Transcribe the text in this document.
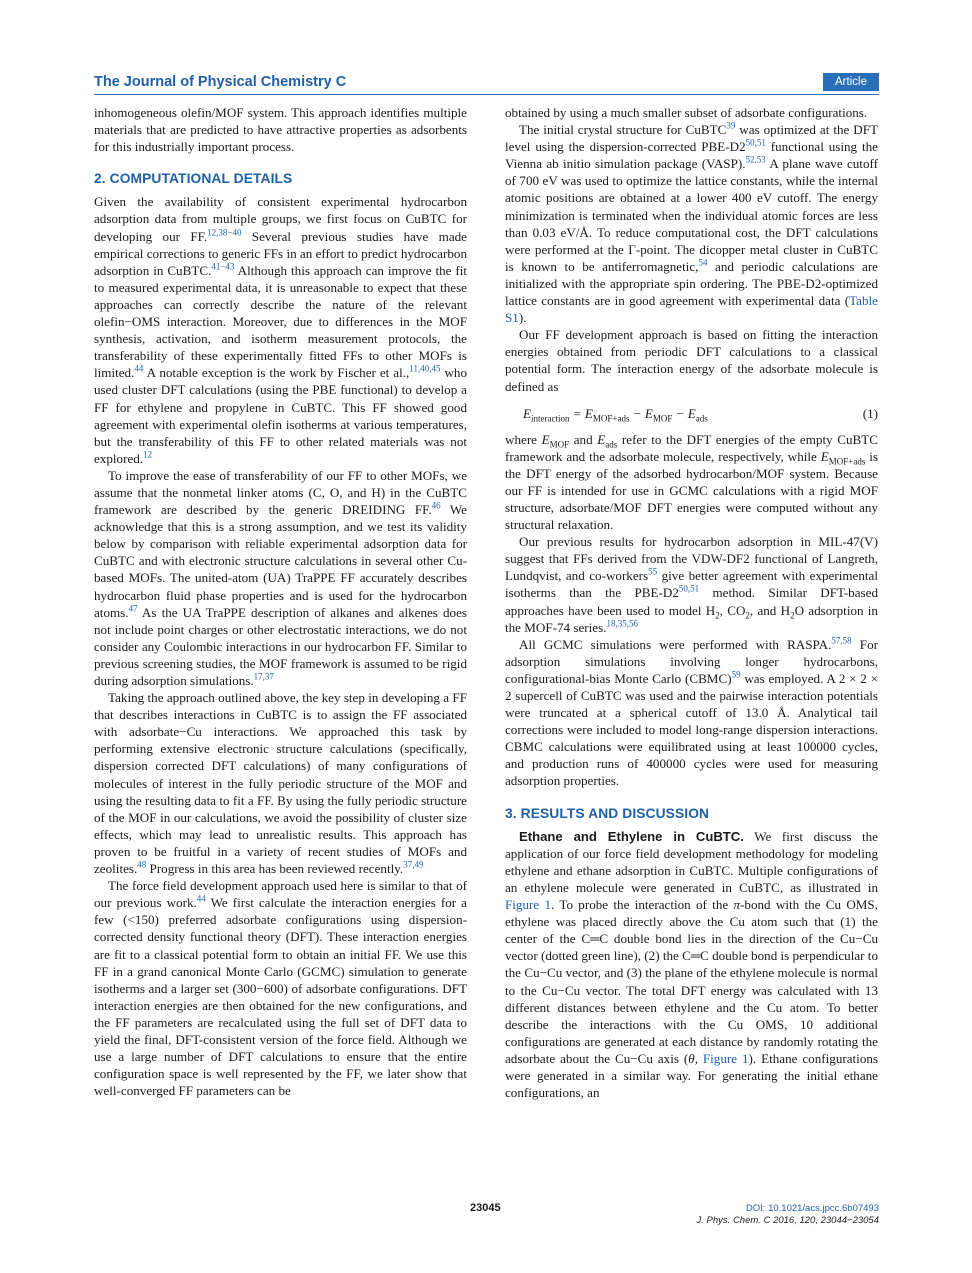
The Journal of Physical Chemistry C	Article

inhomogeneous olefin/MOF system. This approach identifies multiple materials that are predicted to have attractive properties as adsorbents for this industrially important process.

2. COMPUTATIONAL DETAILS

Given the availability of consistent experimental hydrocarbon adsorption data from multiple groups, we first focus on CuBTC for developing our FF.$^{12,38-40}$ Several previous studies have made empirical corrections to generic FFs in an effort to predict hydrocarbon adsorption in CuBTC.$^{41-43}$ Although this approach can improve the fit to measured experimental data, it is unreasonable to expect that these approaches can correctly describe the nature of the relevant olefin−OMS interaction. Moreover, due to differences in the MOF synthesis, activation, and isotherm measurement protocols, the transferability of these experimentally fitted FFs to other MOFs is limited.$^{44}$ A notable exception is the work by Fischer et al.,$^{11,40,45}$ who used cluster DFT calculations (using the PBE functional) to develop a FF for ethylene and propylene in CuBTC. This FF showed good agreement with experimental olefin isotherms at various temperatures, but the transferability of this FF to other related materials was not explored.$^{12}$

To improve the ease of transferability of our FF to other MOFs, we assume that the nonmetal linker atoms (C, O, and H) in the CuBTC framework are described by the generic DREIDING FF.$^{46}$ We acknowledge that this is a strong assumption, and we test its validity below by comparison with reliable experimental adsorption data for CuBTC and with electronic structure calculations in several other Cu-based MOFs. The united-atom (UA) TraPPE FF accurately describes hydrocarbon fluid phase properties and is used for the hydrocarbon atoms.$^{47}$ As the UA TraPPE description of alkanes and alkenes does not include point charges or other electrostatic interactions, we do not consider any Coulombic interactions in our hydrocarbon FF. Similar to previous screening studies, the MOF framework is assumed to be rigid during adsorption simulations.$^{17,37}$

Taking the approach outlined above, the key step in developing a FF that describes interactions in CuBTC is to assign the FF associated with adsorbate−Cu interactions. We approached this task by performing extensive electronic structure calculations (specifically, dispersion corrected DFT calculations) of many configurations of molecules of interest in the fully periodic structure of the MOF and using the resulting data to fit a FF. By using the fully periodic structure of the MOF in our calculations, we avoid the possibility of cluster size effects, which may lead to unrealistic results. This approach has proven to be fruitful in a variety of recent studies of MOFs and zeolites.$^{48}$ Progress in this area has been reviewed recently.$^{37,49}$

The force field development approach used here is similar to that of our previous work.$^{44}$ We first calculate the interaction energies for a few (<150) preferred adsorbate configurations using dispersion-corrected density functional theory (DFT). These interaction energies are fit to a classical potential form to obtain an initial FF. We use this FF in a grand canonical Monte Carlo (GCMC) simulation to generate isotherms and a larger set (300−600) of adsorbate configurations. DFT interaction energies are then obtained for the new configurations, and the FF parameters are recalculated using the full set of DFT data to yield the final, DFT-consistent version of the force field. Although we use a large number of DFT calculations to ensure that the entire configuration space is well represented by the FF, we later show that well-converged FF parameters can be

obtained by using a much smaller subset of adsorbate configurations.

The initial crystal structure for CuBTC$^{39}$ was optimized at the DFT level using the dispersion-corrected PBE-D2$^{50,51}$ functional using the Vienna ab initio simulation package (VASP).$^{52,53}$ A plane wave cutoff of 700 eV was used to optimize the lattice constants, while the internal atomic positions are obtained at a lower 400 eV cutoff. The energy minimization is terminated when the individual atomic forces are less than 0.03 eV/Å. To reduce computational cost, the DFT calculations were performed at the Γ-point. The dicopper metal cluster in CuBTC is known to be antiferromagnetic,$^{54}$ and periodic calculations are initialized with the appropriate spin ordering. The PBE-D2-optimized lattice constants are in good agreement with experimental data (Table S1).

Our FF development approach is based on fitting the interaction energies obtained from periodic DFT calculations to a classical potential form. The interaction energy of the adsorbate molecule is defined as

$E_{interaction} = E_{MOF+ads} - E_{MOF} - E_{ads}$	(1)

where $E_{MOF}$ and $E_{ads}$ refer to the DFT energies of the empty CuBTC framework and the adsorbate molecule, respectively, while $E_{MOF+ads}$ is the DFT energy of the adsorbed hydrocarbon/MOF system. Because our FF is intended for use in GCMC calculations with a rigid MOF structure, adsorbate/MOF DFT energies were computed without any structural relaxation.

Our previous results for hydrocarbon adsorption in MIL-47(V) suggest that FFs derived from the VDW-DF2 functional of Langreth, Lundqvist, and co-workers$^{55}$ give better agreement with experimental isotherms than the PBE-D2$^{50,51}$ method. Similar DFT-based approaches have been used to model $H_2$, $CO_2$, and $H_2O$ adsorption in the MOF-74 series.$^{18,35,56}$

All GCMC simulations were performed with RASPA.$^{57,58}$ For adsorption simulations involving longer hydrocarbons, configurational-bias Monte Carlo (CBMC)$^{59}$ was employed. A 2 × 2 × 2 supercell of CuBTC was used and the pairwise interaction potentials were truncated at a spherical cutoff of 13.0 Å. Analytical tail corrections were included to model long-range dispersion interactions. CBMC calculations were equilibrated using at least 100000 cycles, and production runs of 400000 cycles were used for measuring adsorption properties.

3. RESULTS AND DISCUSSION

Ethane and Ethylene in CuBTC. We first discuss the application of our force field development methodology for modeling ethylene and ethane adsorption in CuBTC. Multiple configurations of an ethylene molecule were generated in CuBTC, as illustrated in Figure 1. To probe the interaction of the π-bond with the Cu OMS, ethylene was placed directly above the Cu atom such that (1) the center of the C═C double bond lies in the direction of the Cu−Cu vector (dotted green line), (2) the C═C double bond is perpendicular to the Cu−Cu vector, and (3) the plane of the ethylene molecule is normal to the Cu−Cu vector. The total DFT energy was calculated with 13 different distances between ethylene and the Cu atom. To better describe the interactions with the Cu OMS, 10 additional configurations are generated at each distance by randomly rotating the adsorbate about the Cu−Cu axis (θ, Figure 1). Ethane configurations were generated in a similar way. For generating the initial ethane configurations, an

23045	DOI: 10.1021/acs.jpcc.6b07493
J. Phys. Chem. C 2016, 120, 23044−23054
